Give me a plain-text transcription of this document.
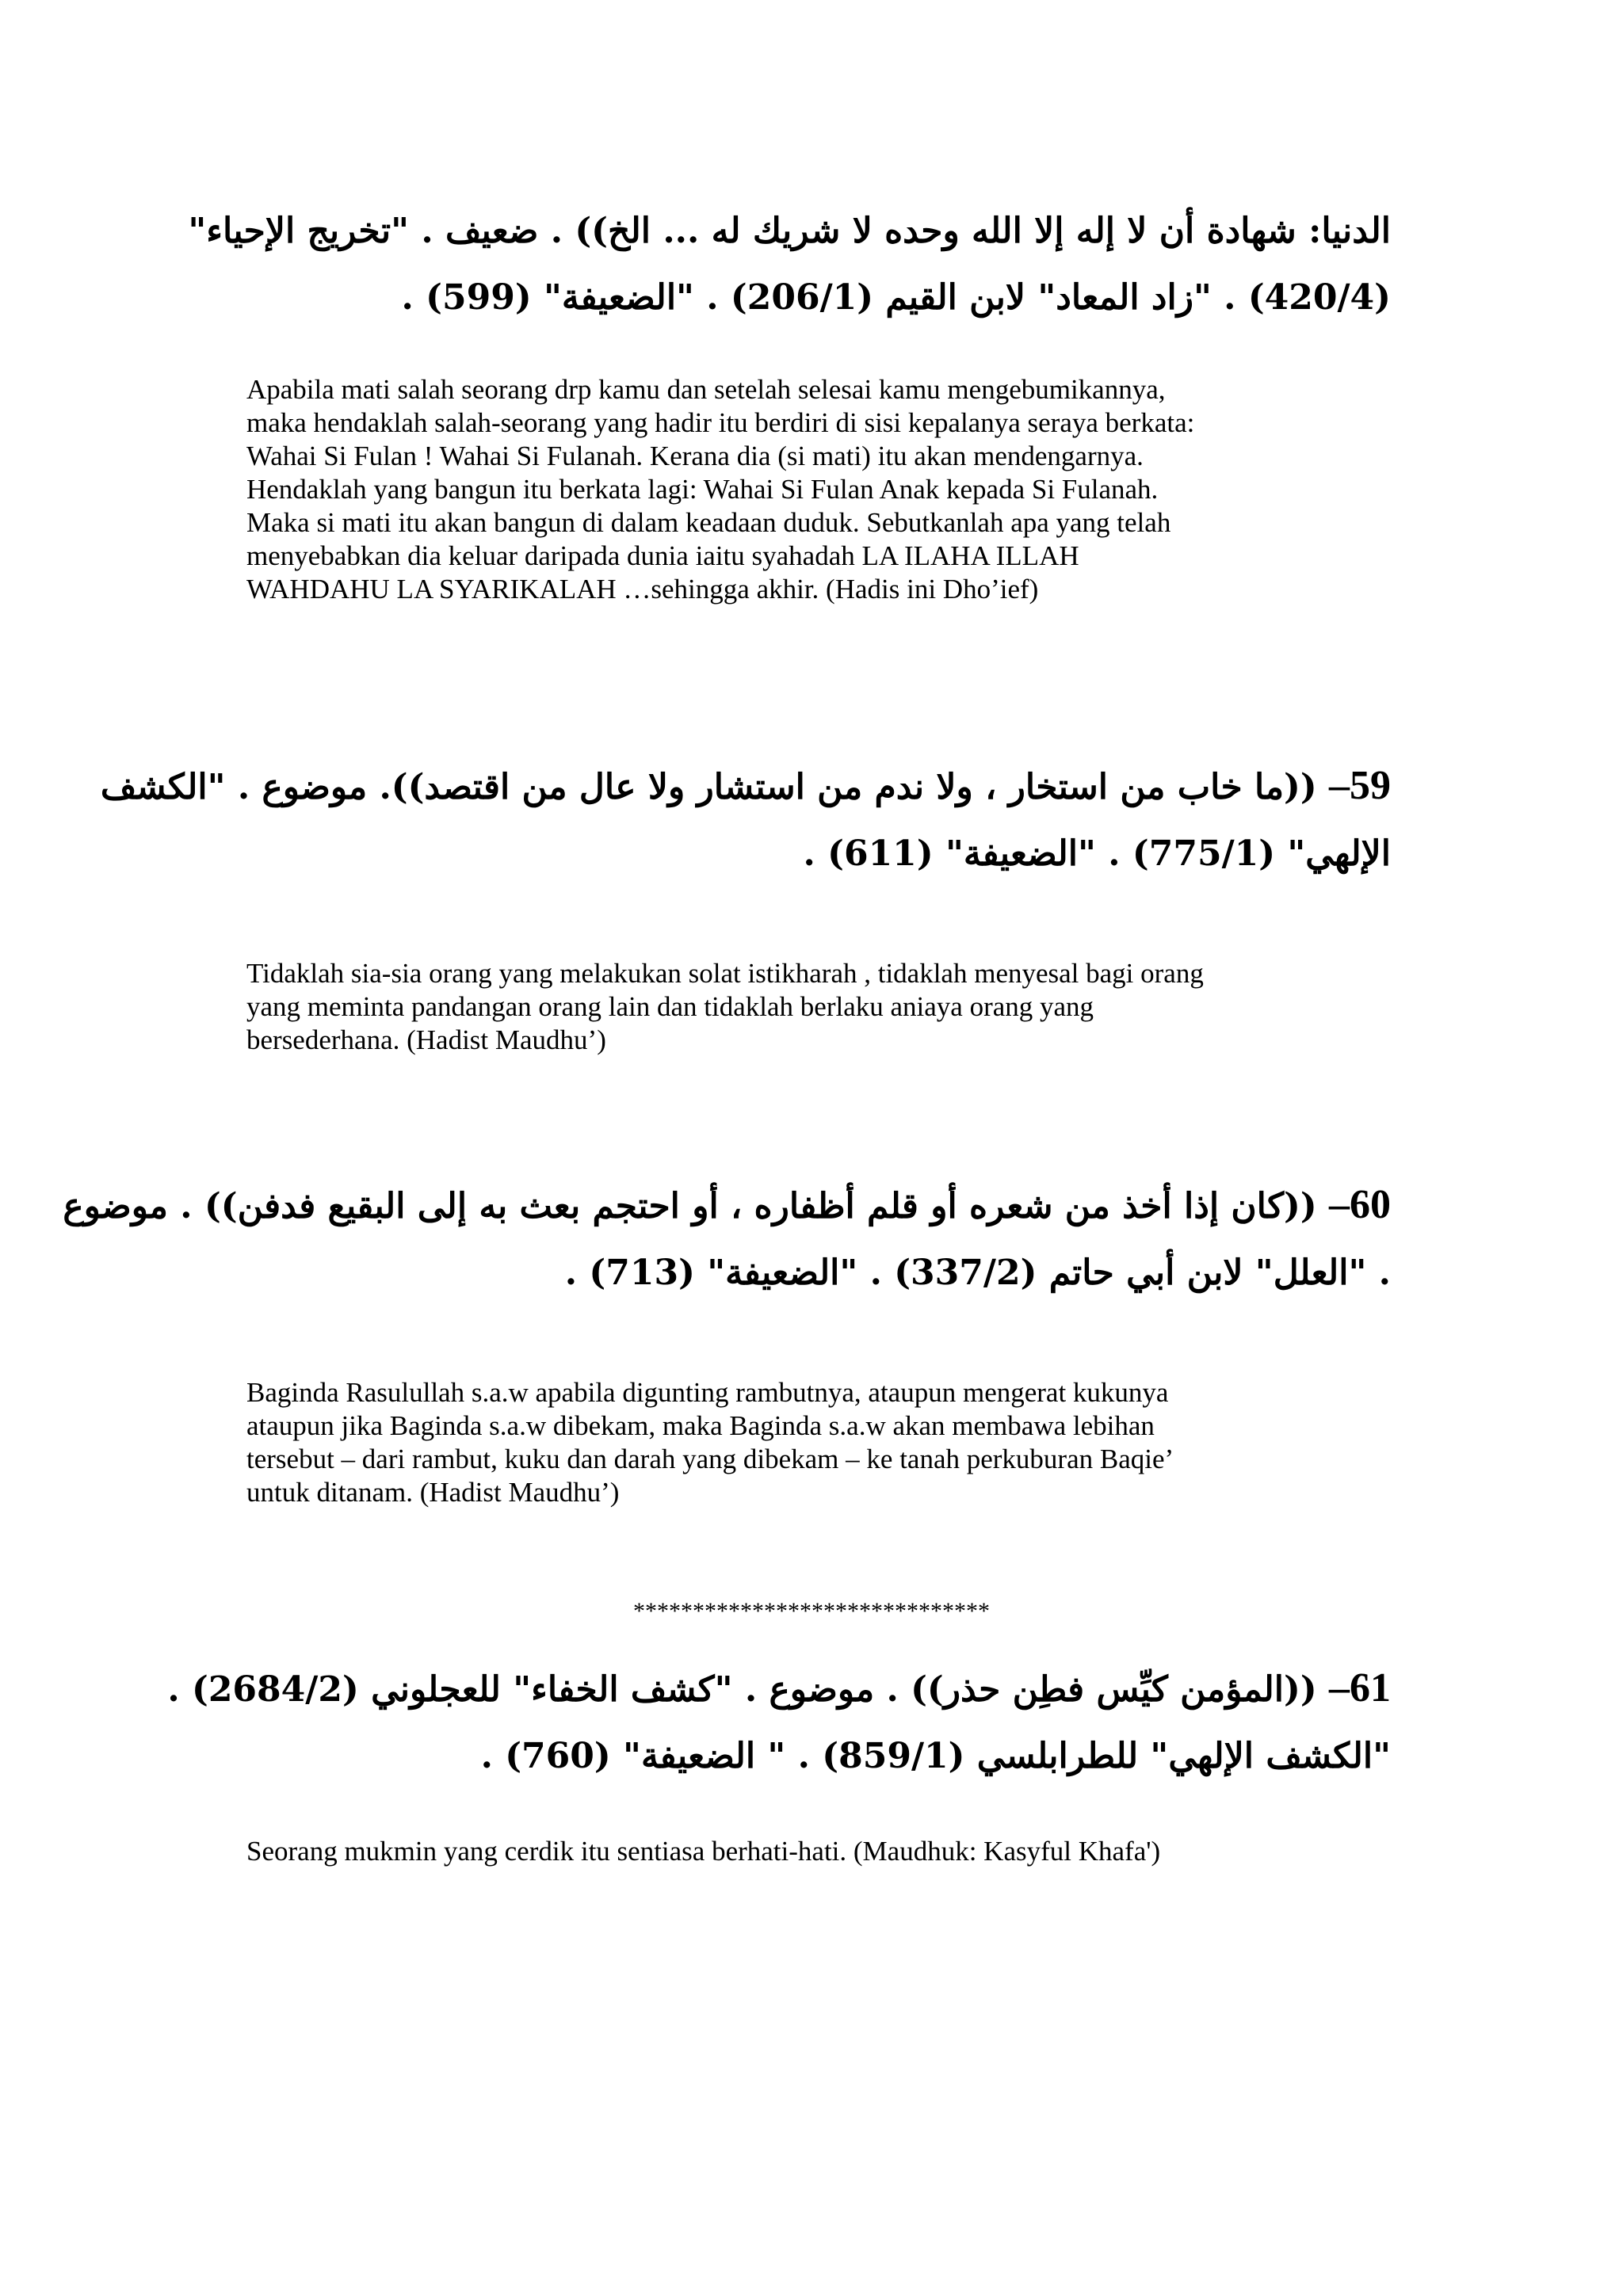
الدنيا: شهادة أن لا إله إلا الله وحده لا شريك له ... الخ)) . ضعيف . "تخريج الإحياء"
(420/4) . "زاد المعاد" لابن القيم (206/1) . "الضعيفة" (599) .
Apabila mati salah seorang drp kamu dan setelah selesai kamu mengebumikannya,
maka hendaklah salah-seorang yang hadir itu berdiri di sisi kepalanya seraya berkata:
Wahai Si Fulan ! Wahai Si Fulanah. Kerana dia (si mati) itu akan mendengarnya.
Hendaklah yang bangun itu berkata lagi: Wahai Si Fulan Anak kepada Si Fulanah.
Maka si mati itu akan bangun di dalam keadaan duduk. Sebutkanlah apa yang telah
menyebabkan dia keluar daripada dunia iaitu syahadah LA ILAHA ILLAH
WAHDAHU LA SYARIKALAH …sehingga akhir. (Hadis ini Dho’ief)
59– ((ما خاب من استخار ، ولا ندم من استشار ولا عال من اقتصد)). موضوع . "الكشف
الإلهي" (775/1) . "الضعيفة" (611) .
Tidaklah sia-sia orang yang melakukan solat istikharah , tidaklah menyesal bagi orang
yang meminta pandangan orang lain dan tidaklah berlaku aniaya orang yang
bersederhana. (Hadist Maudhu’)
60– ((كان إذا أخذ من شعره أو قلم أظفاره ، أو احتجم بعث به إلى البقيع فدفن)) . موضوع
. "العلل" لابن أبي حاتم (337/2) . "الضعيفة" (713) .
Baginda Rasulullah s.a.w apabila digunting rambutnya, ataupun mengerat kukunya
ataupun jika Baginda s.a.w dibekam, maka Baginda s.a.w akan membawa lebihan
tersebut – dari rambut, kuku dan darah yang dibekam – ke tanah perkuburan Baqie’
untuk ditanam. (Hadist Maudhu’)
******************************
61– ((المؤمن كيِّس فطِن حذر)) . موضوع . "كشف الخفاء" للعجلوني (2684/2) .
"الكشف الإلهي" للطرابلسي (859/1) . " الضعيفة" (760) .
Seorang mukmin yang cerdik itu sentiasa berhati-hati. (Maudhuk: Kasyful Khafa')
